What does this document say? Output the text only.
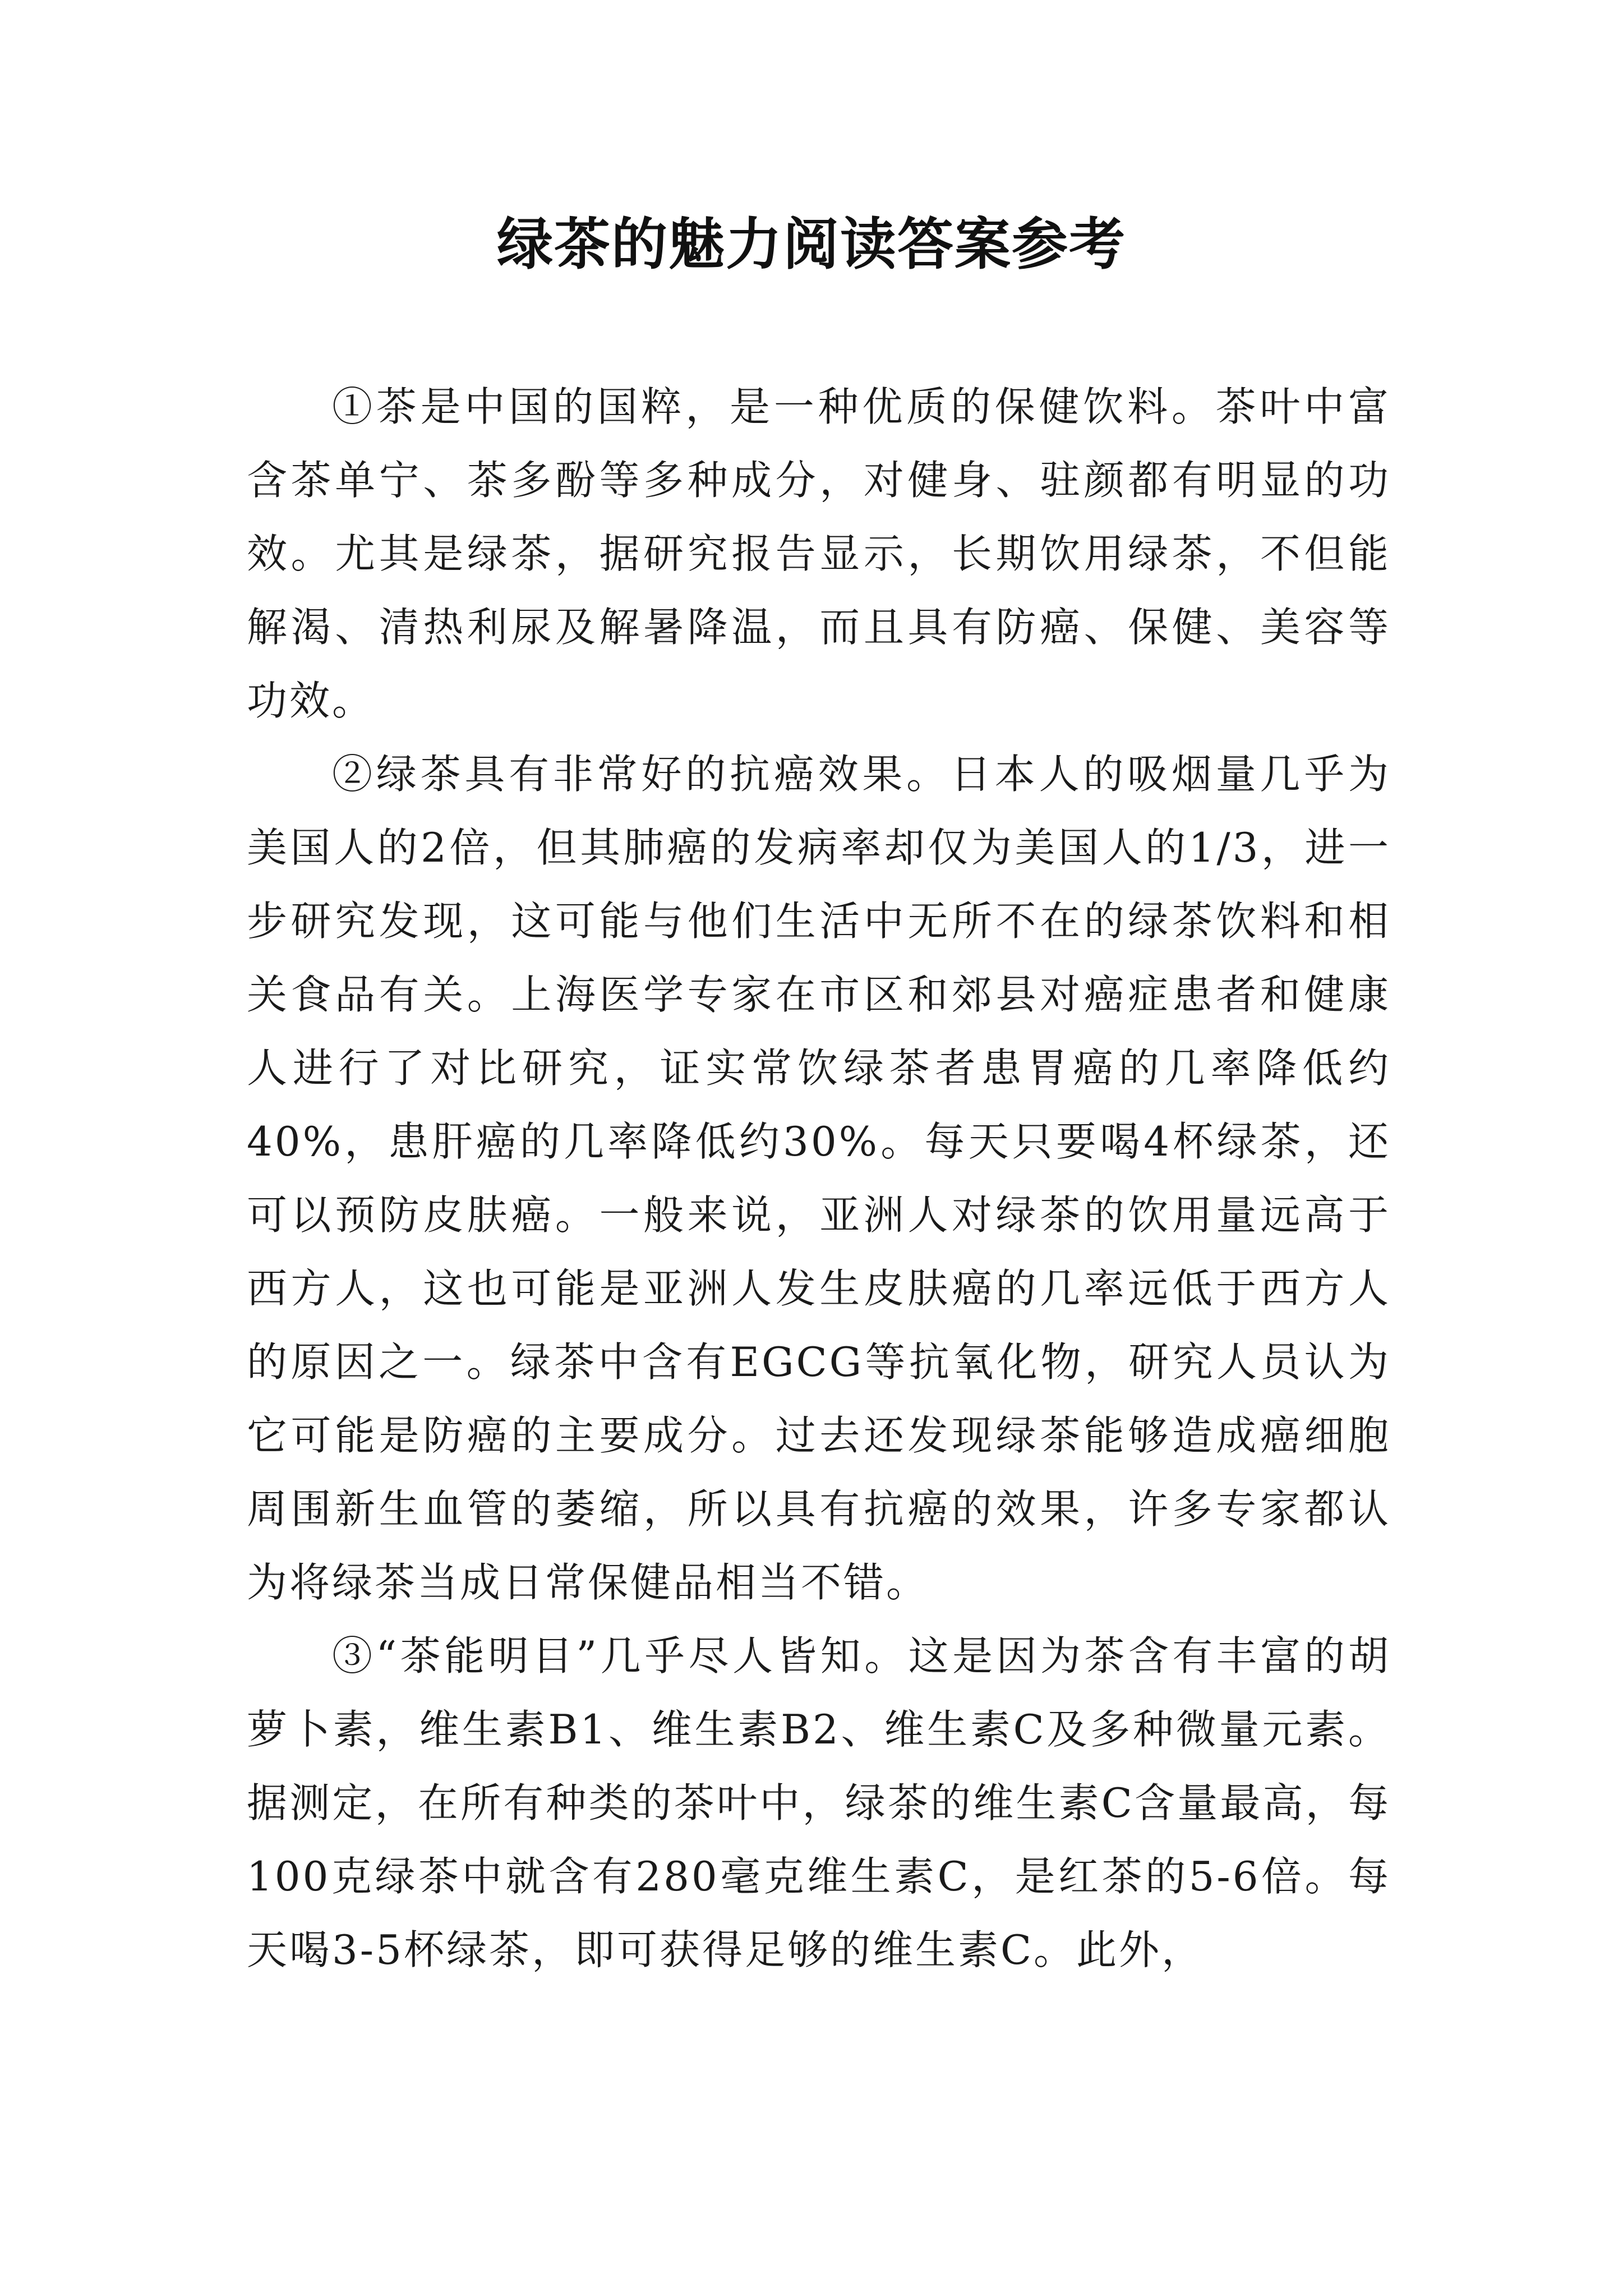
绿茶的魅力阅读答案参考

①茶是中国的国粹，是一种优质的保健饮料。茶叶中富含茶单宁、茶多酚等多种成分，对健身、驻颜都有明显的功效。尤其是绿茶，据研究报告显示，长期饮用绿茶，不但能解渴、清热利尿及解暑降温，而且具有防癌、保健、美容等功效。

②绿茶具有非常好的抗癌效果。日本人的吸烟量几乎为美国人的2倍，但其肺癌的发病率却仅为美国人的1/3，进一步研究发现，这可能与他们生活中无所不在的绿茶饮料和相关食品有关。上海医学专家在市区和郊县对癌症患者和健康人进行了对比研究，证实常饮绿茶者患胃癌的几率降低约40%，患肝癌的几率降低约30%。每天只要喝4杯绿茶，还可以预防皮肤癌。一般来说，亚洲人对绿茶的饮用量远高于西方人，这也可能是亚洲人发生皮肤癌的几率远低于西方人的原因之一。绿茶中含有EGCG等抗氧化物，研究人员认为它可能是防癌的主要成分。过去还发现绿茶能够造成癌细胞周围新生血管的萎缩，所以具有抗癌的效果，许多专家都认为将绿茶当成日常保健品相当不错。

③“茶能明目”几乎尽人皆知。这是因为茶含有丰富的胡萝卜素，维生素B1、维生素B2、维生素C及多种微量元素。据测定，在所有种类的茶叶中，绿茶的维生素C含量最高，每100克绿茶中就含有280毫克维生素C，是红茶的5-6倍。每天喝3-5杯绿茶，即可获得足够的维生素C。此外，
